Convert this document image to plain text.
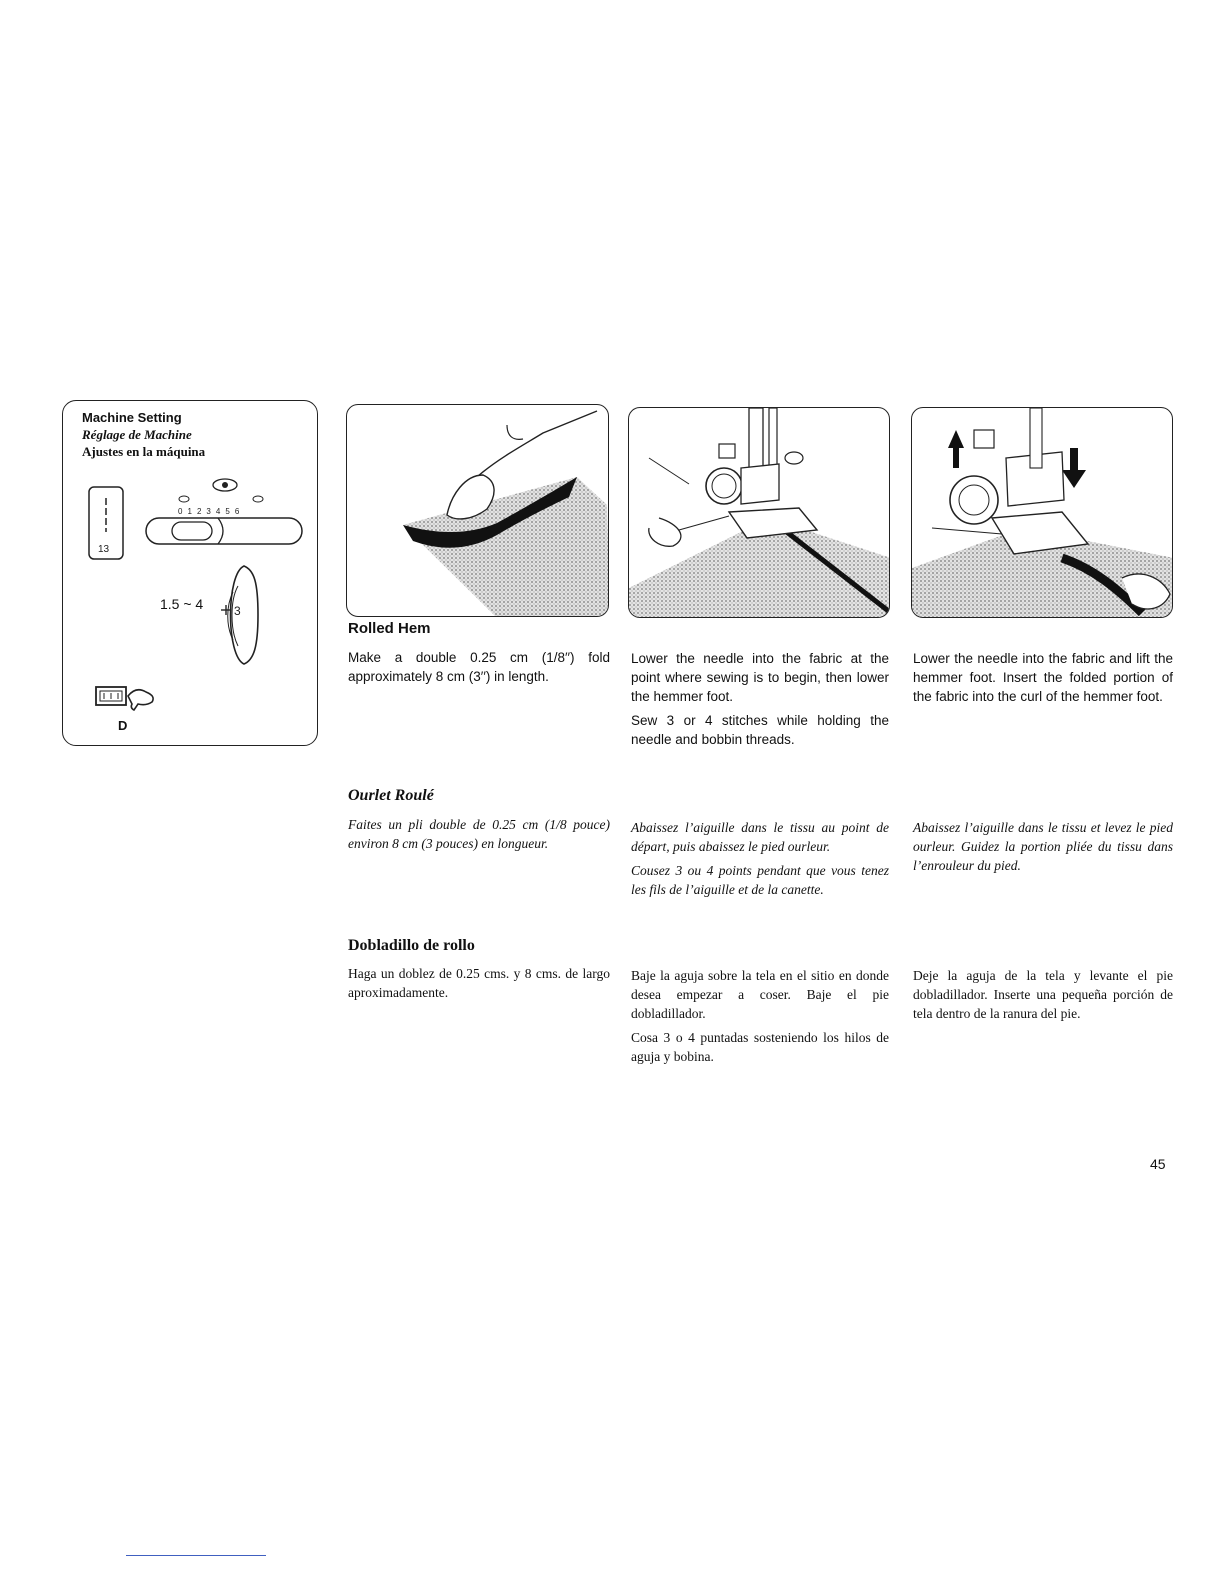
Machine Setting
Réglage de Machine
Ajustes en la máquina
13
0 1 2 3 4 5 6
1.5 ~ 4	3
D
Rolled Hem

Make a double 0.25 cm (1/8′′) fold approximately 8 cm (3′′) in length.

Lower the needle into the fabric at the point where sewing is to begin, then lower the hemmer foot.

Sew 3 or 4 stitches while holding the needle and bobbin threads.

Lower the needle into the fabric and lift the hemmer foot. Insert the folded portion of the fabric into the curl of the hemmer foot.

Ourlet Roulé

Faites un pli double de 0.25 cm (1/8 pouce) environ 8 cm (3 pouces) en longueur.

Abaissez l’aiguille dans le tissu au point de départ, puis abaissez le pied ourleur.

Cousez 3 ou 4 points pendant que vous tenez les fils de l’aiguille et de la canette.

Abaissez l’aiguille dans le tissu et levez le pied ourleur. Guidez la portion pliée du tissu dans l’enrouleur du pied.

Dobladillo de rollo

Haga un doblez de 0.25 cms. y 8 cms. de largo aproximadamente.

Baje la aguja sobre la tela en el sitio en donde desea empezar a coser. Baje el pie dobladillador.

Cosa 3 o 4 puntadas sosteniendo los hilos de aguja y bobina.

Deje la aguja de la tela y levante el pie dobladillador. Inserte una pequeña porción de tela dentro de la ranura del pie.

45
